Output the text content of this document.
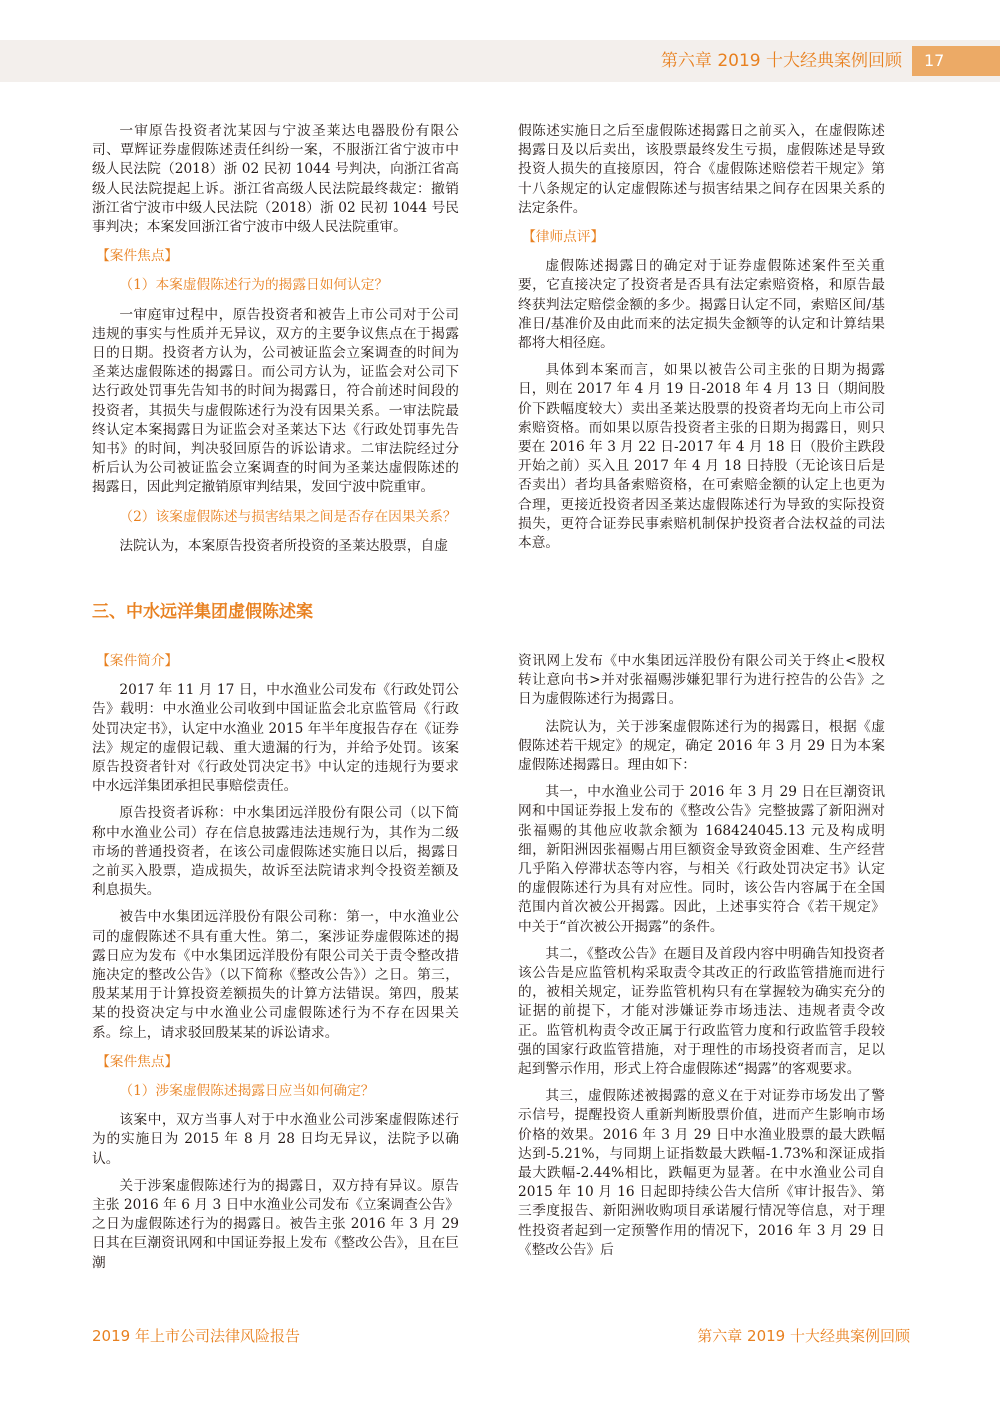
第六章 2019 十大经典案例回顾	17

一审原告投资者沈某因与宁波圣莱达电器股份有限公司、覃辉证券虚假陈述责任纠纷一案，不服浙江省宁波市中级人民法院（2018）浙 02 民初 1044 号判决，向浙江省高级人民法院提起上诉。浙江省高级人民法院最终裁定：撤销浙江省宁波市中级人民法院（2018）浙 02 民初 1044 号民事判决；本案发回浙江省宁波市中级人民法院重审。

【案件焦点】
（1）本案虚假陈述行为的揭露日如何认定？

一审庭审过程中，原告投资者和被告上市公司对于公司违规的事实与性质并无异议，双方的主要争议焦点在于揭露日的日期。投资者方认为，公司被证监会立案调查的时间为圣莱达虚假陈述的揭露日。而公司方认为，证监会对公司下达行政处罚事先告知书的时间为揭露日，符合前述时间段的投资者，其损失与虚假陈述行为没有因果关系。一审法院最终认定本案揭露日为证监会对圣莱达下达《行政处罚事先告知书》的时间，判决驳回原告的诉讼请求。二审法院经过分析后认为公司被证监会立案调查的时间为圣莱达虚假陈述的揭露日，因此判定撤销原审判结果，发回宁波中院重审。

（2）该案虚假陈述与损害结果之间是否存在因果关系？

法院认为，本案原告投资者所投资的圣莱达股票，自虚

假陈述实施日之后至虚假陈述揭露日之前买入，在虚假陈述揭露日及以后卖出，该股票最终发生亏损，虚假陈述是导致投资人损失的直接原因，符合《虚假陈述赔偿若干规定》第十八条规定的认定虚假陈述与损害结果之间存在因果关系的法定条件。

【律师点评】

虚假陈述揭露日的确定对于证券虚假陈述案件至关重要，它直接决定了投资者是否具有法定索赔资格，和原告最终获判法定赔偿金额的多少。揭露日认定不同，索赔区间/基准日/基准价及由此而来的法定损失金额等的认定和计算结果都将大相径庭。

具体到本案而言，如果以被告公司主张的日期为揭露日，则在 2017 年 4 月 19 日-2018 年 4 月 13 日（期间股价下跌幅度较大）卖出圣莱达股票的投资者均无向上市公司索赔资格。而如果以原告投资者主张的日期为揭露日，则只要在 2016 年 3 月 22 日-2017 年 4 月 18 日（股价主跌段开始之前）买入且 2017 年 4 月 18 日持股（无论该日后是否卖出）者均具备索赔资格，在可索赔金额的认定上也更为合理，更接近投资者因圣莱达虚假陈述行为导致的实际投资损失，更符合证券民事索赔机制保护投资者合法权益的司法本意。

三、中水远洋集团虚假陈述案
【案件简介】

2017 年 11 月 17 日，中水渔业公司发布《行政处罚公告》载明：中水渔业公司收到中国证监会北京监管局《行政处罚决定书》，认定中水渔业 2015 年半年度报告存在《证券法》规定的虚假记载、重大遗漏的行为，并给予处罚。该案原告投资者针对《行政处罚决定书》中认定的违规行为要求中水远洋集团承担民事赔偿责任。

原告投资者诉称：中水集团远洋股份有限公司（以下简称中水渔业公司）存在信息披露违法违规行为，其作为二级市场的普通投资者，在该公司虚假陈述实施日以后，揭露日之前买入股票，造成损失，故诉至法院请求判令投资差额及利息损失。

被告中水集团远洋股份有限公司称：第一，中水渔业公司的虚假陈述不具有重大性。第二，案涉证券虚假陈述的揭露日应为发布《中水集团远洋股份有限公司关于责令整改措施决定的整改公告》（以下简称《整改公告》）之日。第三，殷某某用于计算投资差额损失的计算方法错误。第四，殷某某的投资决定与中水渔业公司虚假陈述行为不存在因果关系。综上，请求驳回殷某某的诉讼请求。

【案件焦点】
（1）涉案虚假陈述揭露日应当如何确定？

该案中，双方当事人对于中水渔业公司涉案虚假陈述行为的实施日为 2015 年 8 月 28 日均无异议，法院予以确认。

关于涉案虚假陈述行为的揭露日，双方持有异议。原告主张 2016 年 6 月 3 日中水渔业公司发布《立案调查公告》之日为虚假陈述行为的揭露日。被告主张 2016 年 3 月 29 日其在巨潮资讯网和中国证券报上发布《整改公告》，且在巨潮

资讯网上发布《中水集团远洋股份有限公司关于终止<股权转让意向书>并对张福赐涉嫌犯罪行为进行控告的公告》之日为虚假陈述行为揭露日。

法院认为，关于涉案虚假陈述行为的揭露日，根据《虚假陈述若干规定》的规定，确定 2016 年 3 月 29 日为本案虚假陈述揭露日。理由如下：

其一，中水渔业公司于 2016 年 3 月 29 日在巨潮资讯网和中国证券报上发布的《整改公告》完整披露了新阳洲对张福赐的其他应收款余额为 168424045.13 元及构成明细，新阳洲因张福赐占用巨额资金导致资金困难、生产经营几乎陷入停滞状态等内容，与相关《行政处罚决定书》认定的虚假陈述行为具有对应性。同时，该公告内容属于在全国范围内首次被公开揭露。因此，上述事实符合《若干规定》中关于“首次被公开揭露”的条件。

其二，《整改公告》在题目及首段内容中明确告知投资者该公告是应监管机构采取责令其改正的行政监管措施而进行的，被相关规定，证券监管机构只有在掌握较为确实充分的证据的前提下，才能对涉嫌证券市场违法、违规者责令改正。监管机构责令改正属于行政监管力度和行政监管手段较强的国家行政监管措施，对于理性的市场投资者而言，足以起到警示作用，形式上符合虚假陈述“揭露”的客观要求。

其三，虚假陈述被揭露的意义在于对证券市场发出了警示信号，提醒投资人重新判断股票价值，进而产生影响市场价格的效果。2016 年 3 月 29 日中水渔业股票的最大跌幅达到-5.21%，与同期上证指数最大跌幅-1.73%和深证成指最大跌幅-2.44%相比，跌幅更为显著。在中水渔业公司自 2015 年 10 月 16 日起即持续公告大信所《审计报告》、第三季度报告、新阳洲收购项目承诺履行情况等信息，对于理性投资者起到一定预警作用的情况下，2016 年 3 月 29 日《整改公告》后

2019 年上市公司法律风险报告	第六章 2019 十大经典案例回顾
